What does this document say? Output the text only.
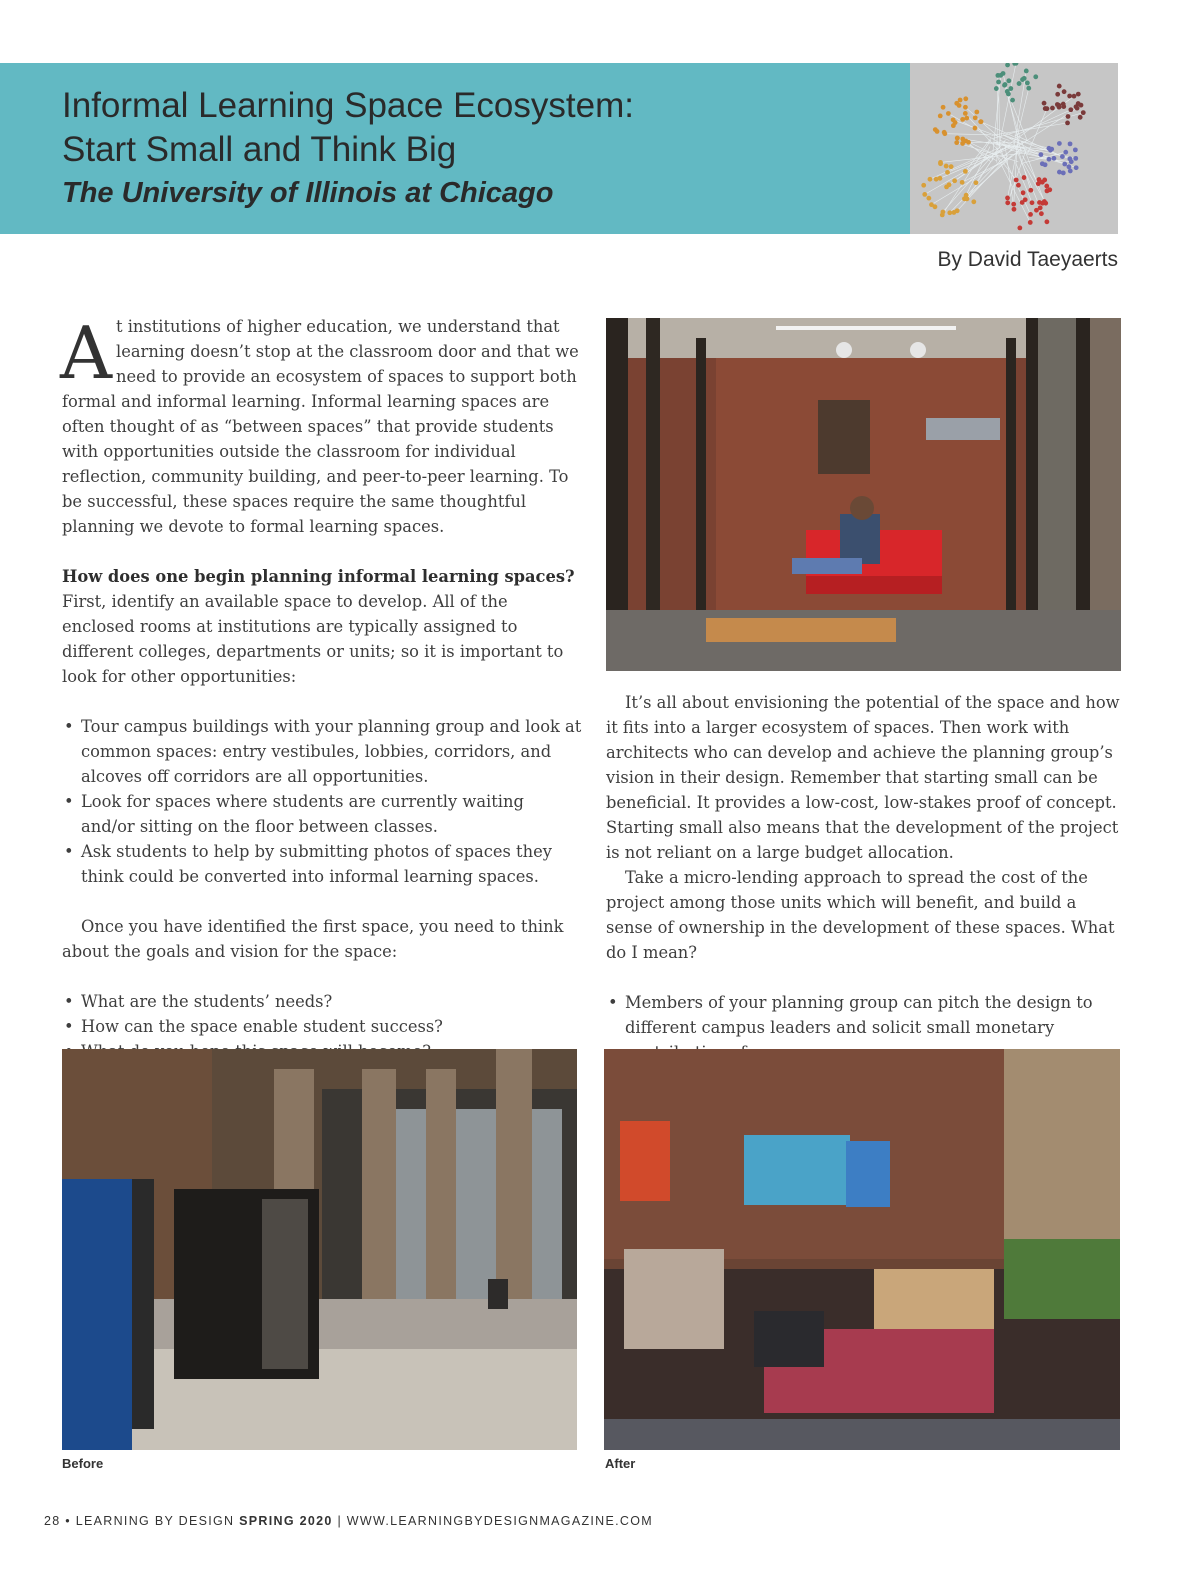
Informal Learning Space Ecosystem:
Start Small and Think Big
The University of Illinois at Chicago
By David Taeyaerts

At institutions of higher education, we understand that learning doesn’t stop at the classroom door and that we need to provide an ecosystem of spaces to support both formal and informal learning. Informal learning spaces are often thought of as “between spaces” that provide students with opportunities outside the classroom for individual reflection, community building, and peer-to-peer learning. To be successful, these spaces require the same thoughtful planning we devote to formal learning spaces.

How does one begin planning informal learning spaces?

First, identify an available space to develop. All of the enclosed rooms at institutions are typically assigned to different colleges, departments or units; so it is important to look for other opportunities:

• Tour campus buildings with your planning group and look at common spaces: entry vestibules, lobbies, corridors, and alcoves off corridors are all opportunities.
• Look for spaces where students are currently waiting and/or sitting on the floor between classes.
• Ask students to help by submitting photos of spaces they think could be converted into informal learning spaces.

Once you have identified the first space, you need to think about the goals and vision for the space:

• What are the students’ needs?
• How can the space enable student success?
•

It’s all about envisioning the potential of the space and how it fits into a larger ecosystem of spaces. Then work with architects who can develop and achieve the planning group’s vision in their design. Remember that starting small can be beneficial. It provides a low-cost, low-stakes proof of concept. Starting small also means that the development of the project is not reliant on a large budget allocation.

Take a micro-lending approach to spread the cost of the project among those units which will benefit, and build a sense of ownership in the development of these spaces. What do I mean?

• Members of your planning group can pitch the design to different campus leaders and solicit small monetary
Before	After
28 • LEARNING BY DESIGN SPRING 2020 | WWW.LEARNINGBYDESIGNMAGAZINE.COM
